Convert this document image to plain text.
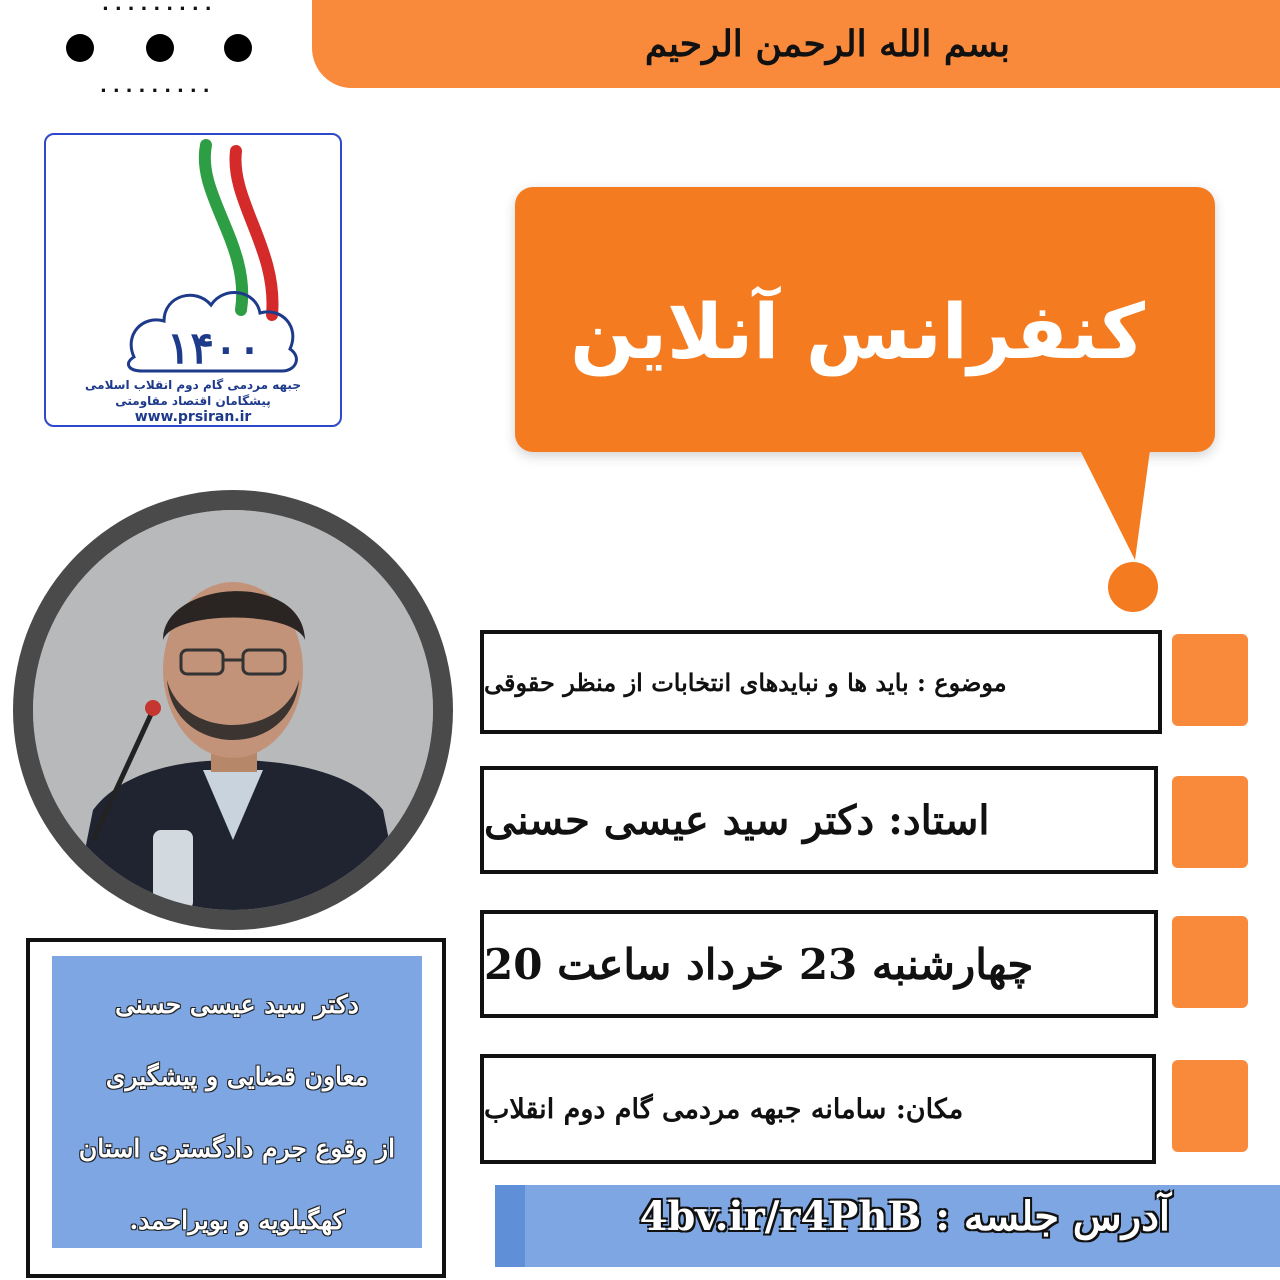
.........
.........
بسم الله الرحمن الرحیم
۱۴۰۰
جبهه مردمی گام دوم انقلاب اسلامی
پیشگامان اقتصاد مقاومتی
www.prsiran.ir
کنفرانس آنلاین
موضوع : باید ها و نبایدهای انتخابات از منظر حقوقی
استاد: دکتر سید عیسی حسنی
چهارشنبه 23 خرداد ساعت 20
مکان: سامانه جبهه مردمی گام دوم انقلاب
دکتر سید عیسی حسنی
معاون قضایی و پیشگیری
از وقوع جرم دادگستری استان
کهگیلویه و بویراحمد.	آدرس جلسه : 4bv.ir/r4PhB
